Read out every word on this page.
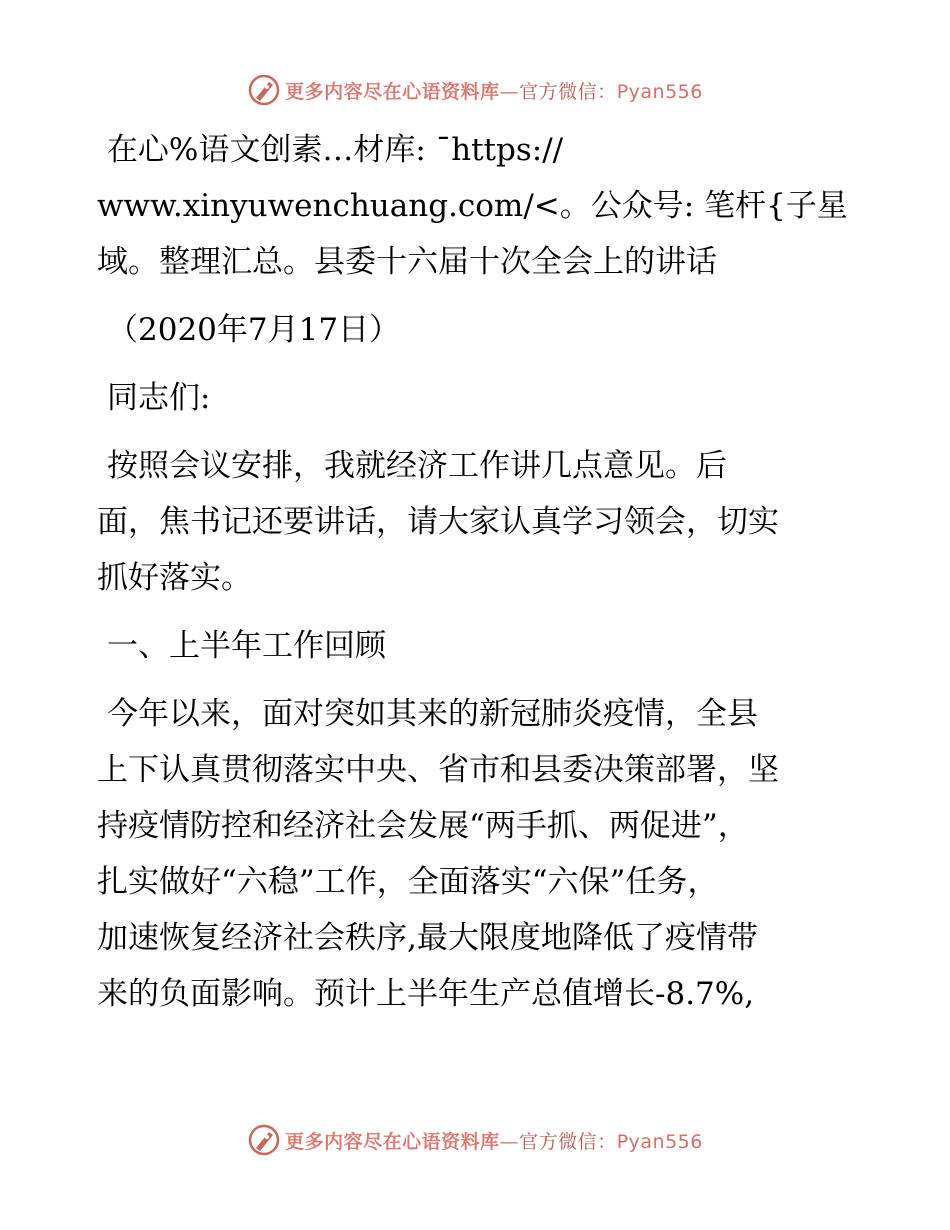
更多内容尽在心语资料库—官方微信：Pyan556

在心%语文创素…材库: ¯https://

www.xinyuwenchuang.com/<。公众号: 笔杆{子星

域。整理汇总。县委十六届十次全会上的讲话

（2020年7月17日）

同志们:

按照会议安排，我就经济工作讲几点意见。后

面，焦书记还要讲话，请大家认真学习领会，切实

抓好落实。

一、上半年工作回顾

今年以来，面对突如其来的新冠肺炎疫情，全县

上下认真贯彻落实中央、省市和县委决策部署，坚

持疫情防控和经济社会发展“两手抓、两促进”，

扎实做好“六稳”工作，全面落实“六保”任务，

加速恢复经济社会秩序,最大限度地降低了疫情带

来的负面影响。预计上半年生产总值增长-8.7%,

更多内容尽在心语资料库—官方微信：Pyan556
